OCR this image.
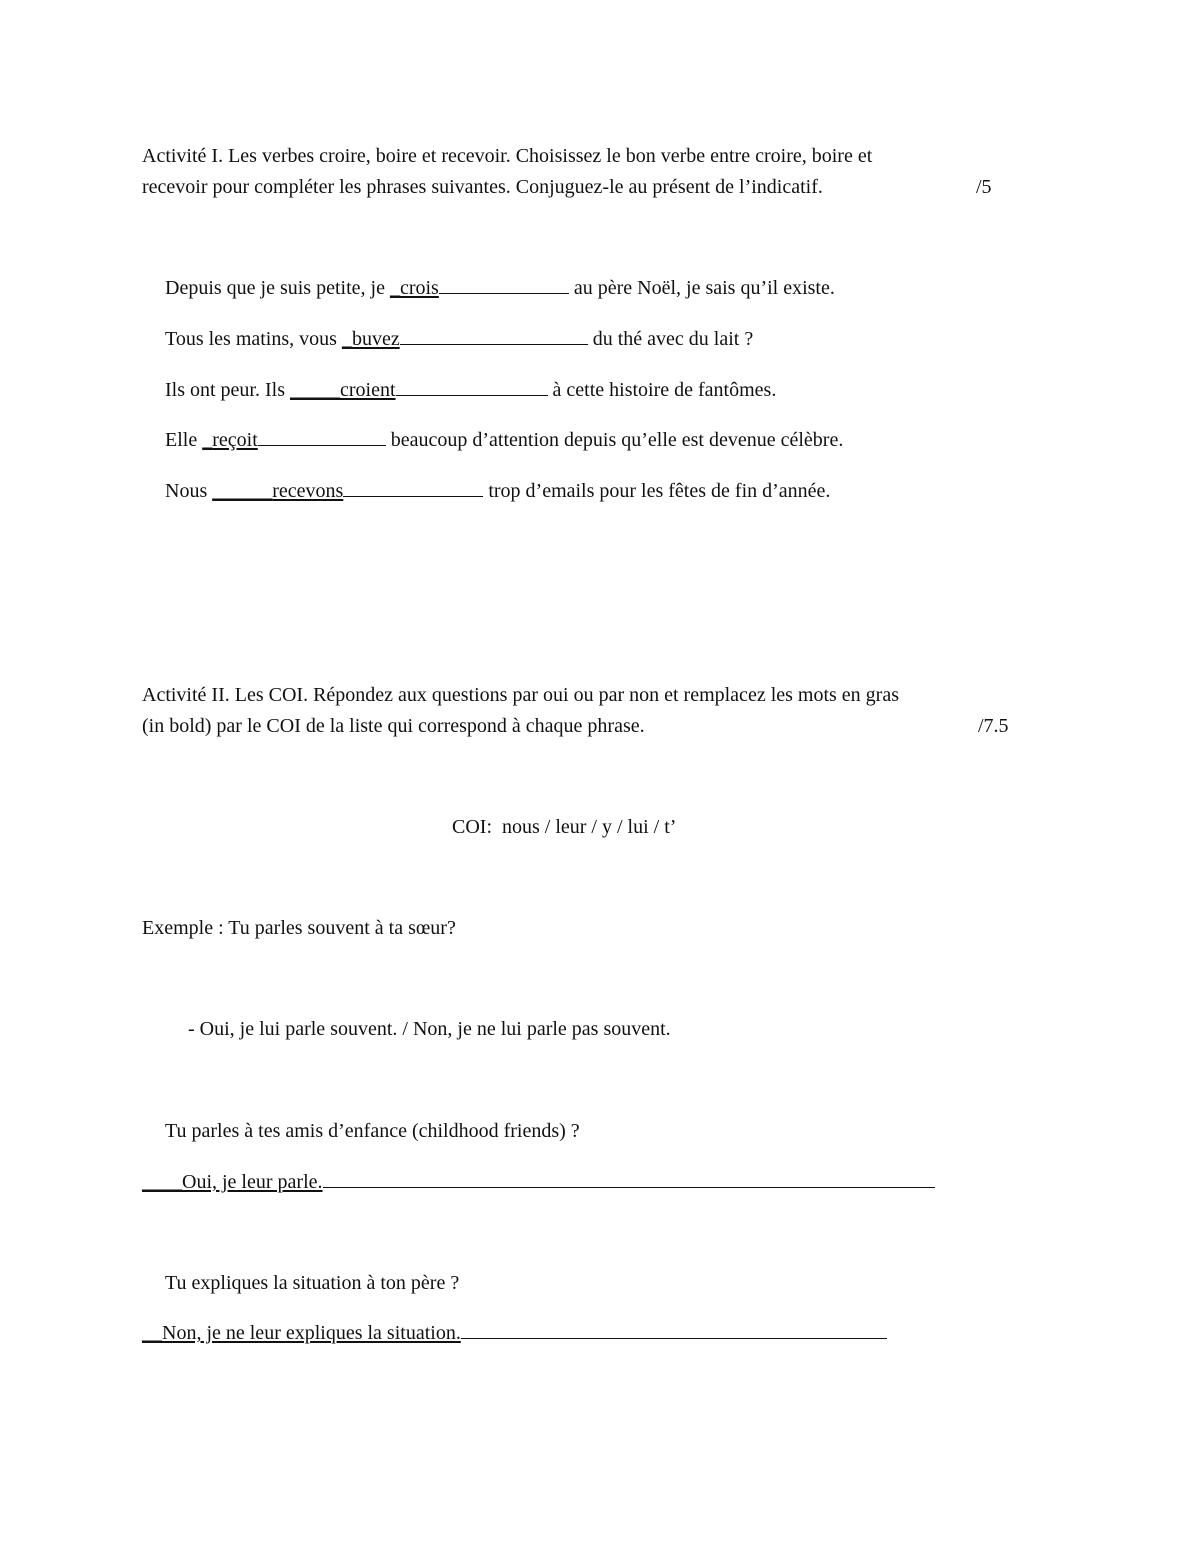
Activité I. Les verbes croire, boire et recevoir. Choisissez le bon verbe entre croire, boire et
recevoir pour compléter les phrases suivantes. Conjuguez-le au présent de l’indicatif.	/5
Depuis que je suis petite, je _crois	au père Noël, je sais qu’il existe.
Tous les matins, vous _buvez	du thé avec du lait ?
Ils ont peur. Ils _____croient	à cette histoire de fantômes.
Elle _reçoit	beaucoup d’attention depuis qu’elle est devenue célèbre.
Nous ______recevons	trop d’emails pour les fêtes de fin d’année.
Activité II. Les COI. Répondez aux questions par oui ou par non et remplacez les mots en gras
(in bold) par le COI de la liste qui correspond à chaque phrase.	/7.5
COI:  nous / leur / y / lui / t’
Exemple : Tu parles souvent à ta sœur?
- Oui, je lui parle souvent. / Non, je ne lui parle pas souvent.
Tu parles à tes amis d’enfance (childhood friends) ?
____Oui, je leur parle.
Tu expliques la situation à ton père ?
__Non, je ne leur expliques la situation.
